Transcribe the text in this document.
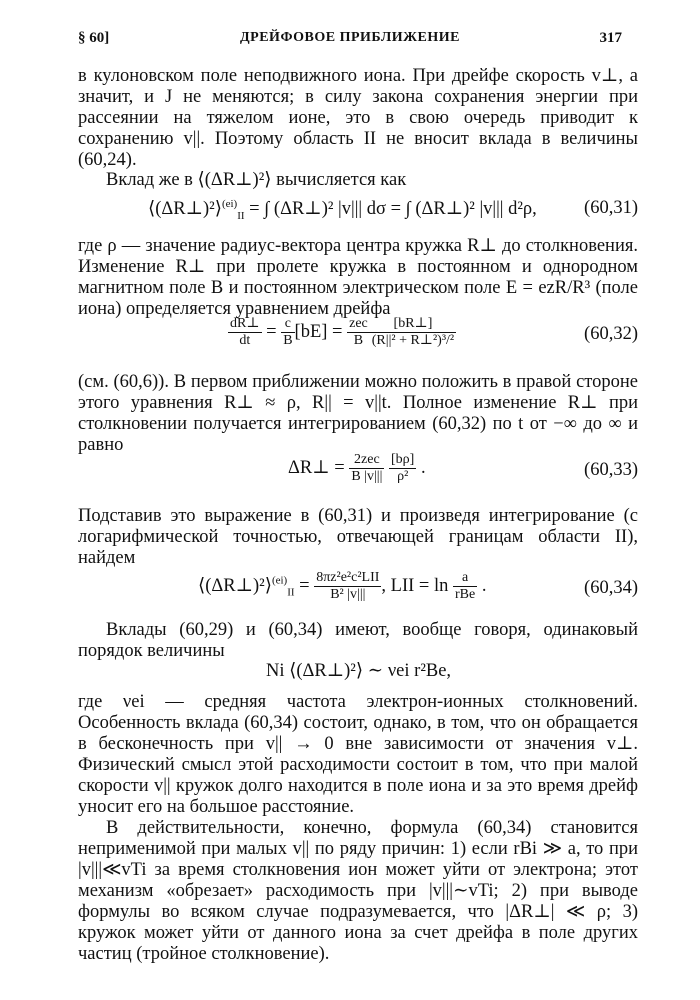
§ 60]	ДРЕЙФОВОЕ ПРИБЛИЖЕНИЕ	317
в кулоновском поле неподвижного иона. При дрейфе скорость v⊥, а значит, и J не меняются; в силу закона сохранения энергии при рассеянии на тяжелом ионе, это в свою очередь приводит к сохранению v||. Поэтому область II не вносит вклада в величины (60,24).
Вклад же в ⟨(ΔR⊥)²⟩ вычисляется как
⟨(ΔR⊥)²⟩$^{(ei)}_{II}$ = ∫ (ΔR⊥)² |v||| dσ = ∫ (ΔR⊥)² |v||| d²ρ,	(60,31)
где ρ — значение радиус-вектора центра кружка R⊥ до столкновения. Изменение R⊥ при пролете кружка в постоянном и однородном магнитном поле B и постоянном электрическом поле E = ezR/R³ (поле иона) определяется уравнением дрейфа
$\frac{dR\perp}{dt} = \frac{c}{B} [bE] = \frac{\text{zec}}{B} \frac{[bR\perp]}{\text{(R||² + R⊥²)³/²}}$	(60,32)
(см. (60,6)). В первом приближении можно положить в правой стороне этого уравнения R⊥ ≈ ρ, R|| = v||t. Полное изменение R⊥ при столкновении получается интегрированием (60,32) по t от −∞ до ∞ и равно
ΔR⊥ = $\frac{\text{2zec}}{B |v|||}$
$\frac{[b\rho]}{\text{ρ²}}$ .	(60,33)
Подставив это выражение в (60,31) и произведя интегрирование (с логарифмической точностью, отвечающей границам области II), найдем
⟨(ΔR⊥)²⟩$^{(ei)}_{II}$ = $\frac{\text{8πz²e²c²LII}}{\text{B² |v|||}}$ , LII = $\ln \frac{a}{\text{rBe}}$ .	(60,34)
Вклады (60,29) и (60,34) имеют, вообще говоря, одинаковый порядок величины
Ni ⟨(ΔR⊥)²⟩ ∼ νei r²Be,
где νei — средняя частота электрон-ионных столкновений. Особенность вклада (60,34) состоит, однако, в том, что он обращается в бесконечность при v|| → 0 вне зависимости от значения v⊥. Физический смысл этой расходимости состоит в том, что при малой скорости v|| кружок долго находится в поле иона и за это время дрейф уносит его на большое расстояние.
В действительности, конечно, формула (60,34) становится неприменимой при малых v|| по ряду причин: 1) если rBi ≫ a, то при |v|||≪vTi за время столкновения ион может уйти от электрона; этот механизм «обрезает» расходимость при |v|||∼vTi; 2) при выводе формулы во всяком случае подразумевается, что |ΔR⊥| ≪ ρ; 3) кружок может уйти от данного иона за счет дрейфа в поле других частиц (тройное столкновение).
